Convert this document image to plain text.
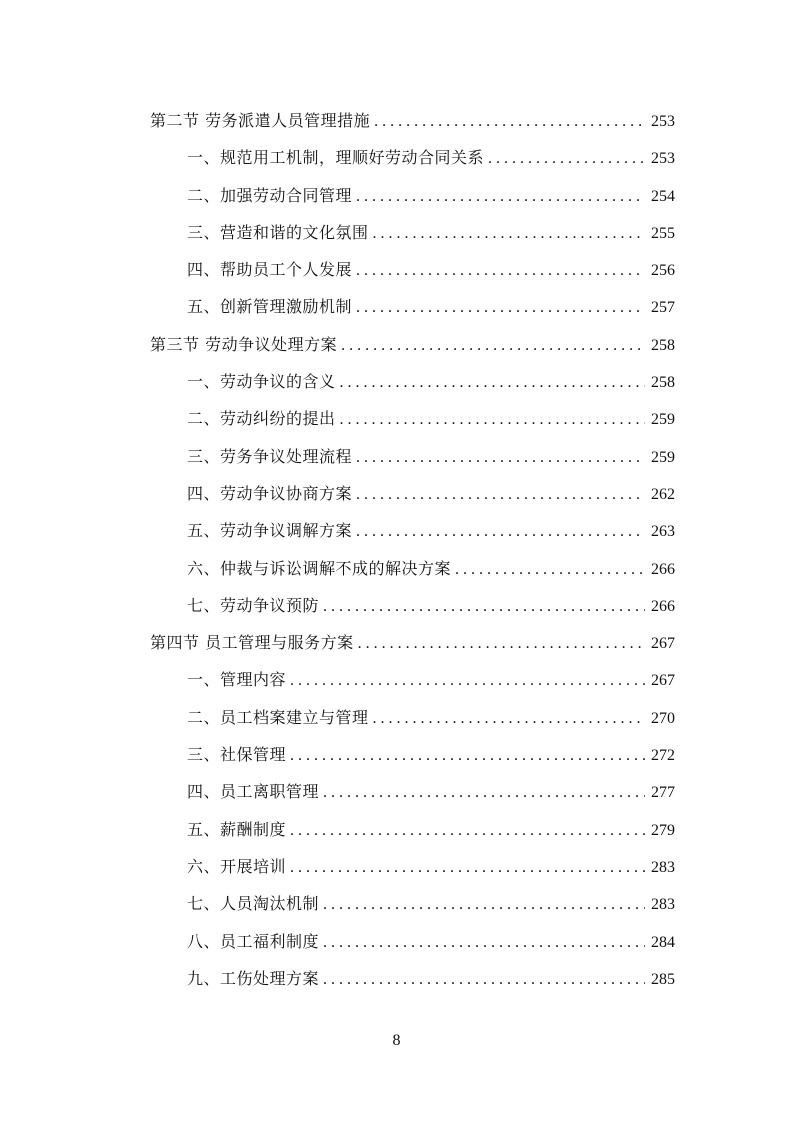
第二节 劳务派遣人员管理措施 . . .	253
一、规范用工机制，理顺好劳动合同关系 . . .	253
二、加强劳动合同管理 . . .	254
三、营造和谐的文化氛围 . . .	255
四、帮助员工个人发展 . . .	256
五、创新管理激励机制 . . .	257
第三节 劳动争议处理方案 . . .	258
一、劳动争议的含义 . . .	258
二、劳动纠纷的提出 . . .	259
三、劳务争议处理流程 . . .	259
四、劳动争议协商方案 . . .	262
五、劳动争议调解方案 . . .	263
六、仲裁与诉讼调解不成的解决方案 . . .	266
七、劳动争议预防 . . .	266
第四节 员工管理与服务方案 . . .	267
一、管理内容 . . .	267
二、员工档案建立与管理 . . .	270
三、社保管理 . . .	272
四、员工离职管理 . . .	277
五、薪酬制度 . . .	279
六、开展培训 . . .	283
七、人员淘汰机制 . . .	283
八、员工福利制度 . . .	284
九、工伤处理方案 . . .	285
8
